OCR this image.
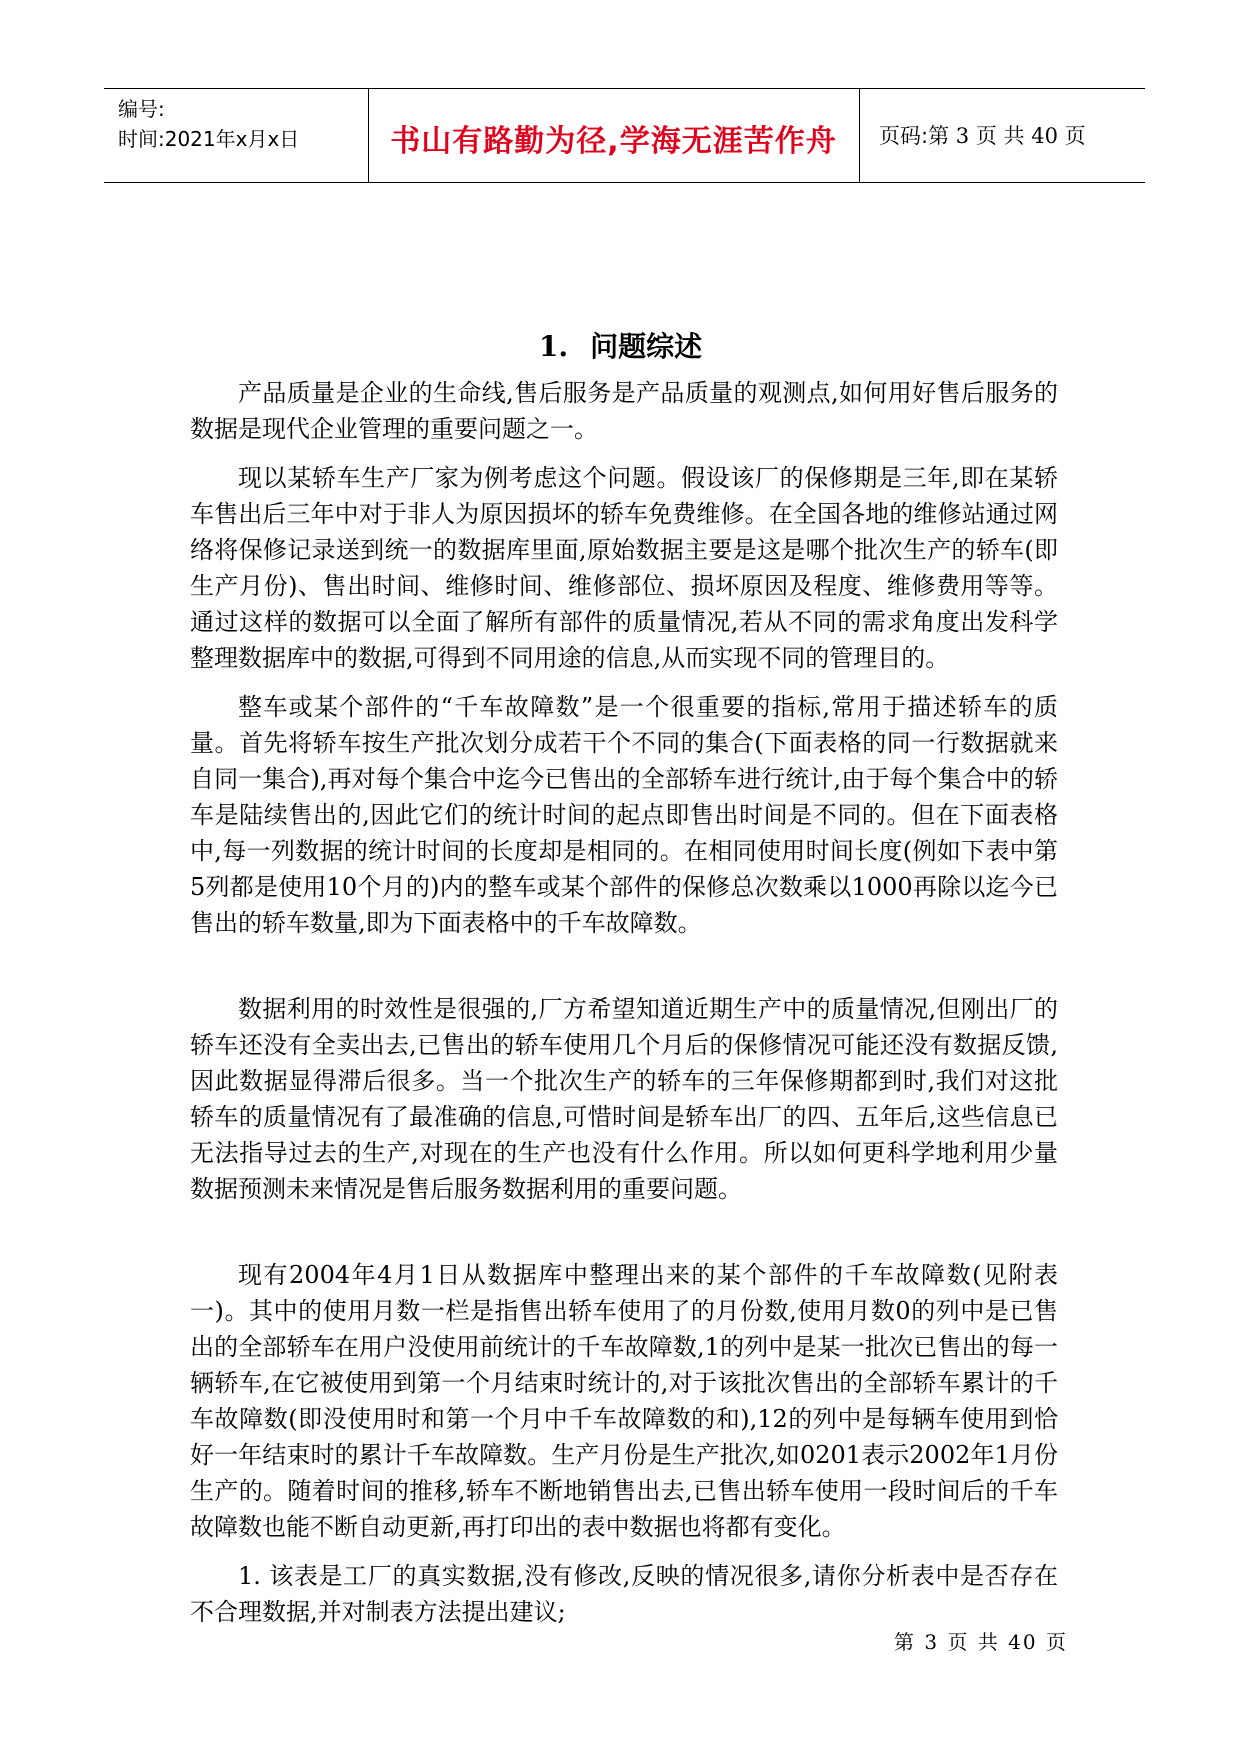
编号:
时间:2021年x月x日	书山有路勤为径,学海无涯苦作舟	页码:第 3 页 共 40 页
1. 问题综述

产品质量是企业的生命线,售后服务是产品质量的观测点,如何用好售后服务的数据是现代企业管理的重要问题之一。

现以某轿车生产厂家为例考虑这个问题。假设该厂的保修期是三年,即在某轿车售出后三年中对于非人为原因损坏的轿车免费维修。在全国各地的维修站通过网络将保修记录送到统一的数据库里面,原始数据主要是这是哪个批次生产的轿车(即生产月份)、售出时间、维修时间、维修部位、损坏原因及程度、维修费用等等。通过这样的数据可以全面了解所有部件的质量情况,若从不同的需求角度出发科学整理数据库中的数据,可得到不同用途的信息,从而实现不同的管理目的。

整车或某个部件的“千车故障数”是一个很重要的指标,常用于描述轿车的质量。首先将轿车按生产批次划分成若干个不同的集合(下面表格的同一行数据就来自同一集合),再对每个集合中迄今已售出的全部轿车进行统计,由于每个集合中的轿车是陆续售出的,因此它们的统计时间的起点即售出时间是不同的。但在下面表格中,每一列数据的统计时间的长度却是相同的。在相同使用时间长度(例如下表中第5列都是使用10个月的)内的整车或某个部件的保修总次数乘以1000再除以迄今已售出的轿车数量,即为下面表格中的千车故障数。

数据利用的时效性是很强的,厂方希望知道近期生产中的质量情况,但刚出厂的轿车还没有全卖出去,已售出的轿车使用几个月后的保修情况可能还没有数据反馈,因此数据显得滞后很多。当一个批次生产的轿车的三年保修期都到时,我们对这批轿车的质量情况有了最准确的信息,可惜时间是轿车出厂的四、五年后,这些信息已无法指导过去的生产,对现在的生产也没有什么作用。所以如何更科学地利用少量数据预测未来情况是售后服务数据利用的重要问题。

现有2004年4月1日从数据库中整理出来的某个部件的千车故障数(见附表一)。其中的使用月数一栏是指售出轿车使用了的月份数,使用月数0的列中是已售出的全部轿车在用户没使用前统计的千车故障数,1的列中是某一批次已售出的每一辆轿车,在它被使用到第一个月结束时统计的,对于该批次售出的全部轿车累计的千车故障数(即没使用时和第一个月中千车故障数的和),12的列中是每辆车使用到恰好一年结束时的累计千车故障数。生产月份是生产批次,如0201表示2002年1月份生产的。随着时间的推移,轿车不断地销售出去,已售出轿车使用一段时间后的千车故障数也能不断自动更新,再打印出的表中数据也将都有变化。

1. 该表是工厂的真实数据,没有修改,反映的情况很多,请你分析表中是否存在不合理数据,并对制表方法提出建议;

第 3 页 共 40 页
